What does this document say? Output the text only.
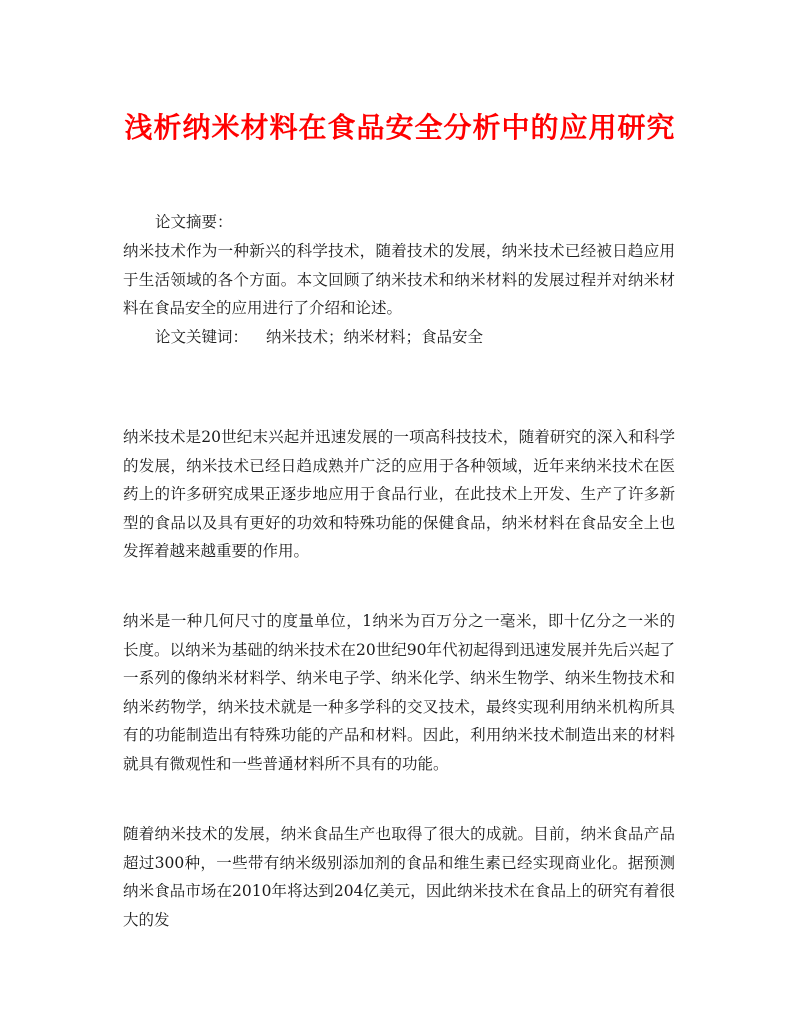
浅析纳米材料在食品安全分析中的应用研究
论文摘要：

纳米技术作为一种新兴的科学技术，随着技术的发展，纳米技术已经被日趋应用于生活领域的各个方面。本文回顾了纳米技术和纳米材料的发展过程并对纳米材料在食品安全的应用进行了介绍和论述。

论文关键词： 纳米技术；纳米材料；食品安全

纳米技术是20世纪末兴起并迅速发展的一项高科技技术，随着研究的深入和科学的发展，纳米技术已经日趋成熟并广泛的应用于各种领域，近年来纳米技术在医药上的许多研究成果正逐步地应用于食品行业，在此技术上开发、生产了许多新型的食品以及具有更好的功效和特殊功能的保健食品，纳米材料在食品安全上也发挥着越来越重要的作用。

纳米是一种几何尺寸的度量单位，1纳米为百万分之一毫米，即十亿分之一米的长度。以纳米为基础的纳米技术在20世纪90年代初起得到迅速发展并先后兴起了一系列的像纳米材料学、纳米电子学、纳米化学、纳米生物学、纳米生物技术和纳米药物学，纳米技术就是一种多学科的交叉技术，最终实现利用纳米机构所具有的功能制造出有特殊功能的产品和材料。因此，利用纳米技术制造出来的材料就具有微观性和一些普通材料所不具有的功能。

随着纳米技术的发展，纳米食品生产也取得了很大的成就。目前，纳米食品产品超过300种，一些带有纳米级别添加剂的食品和维生素已经实现商业化。据预测纳米食品市场在2010年将达到204亿美元，因此纳米技术在食品上的研究有着很大的发
